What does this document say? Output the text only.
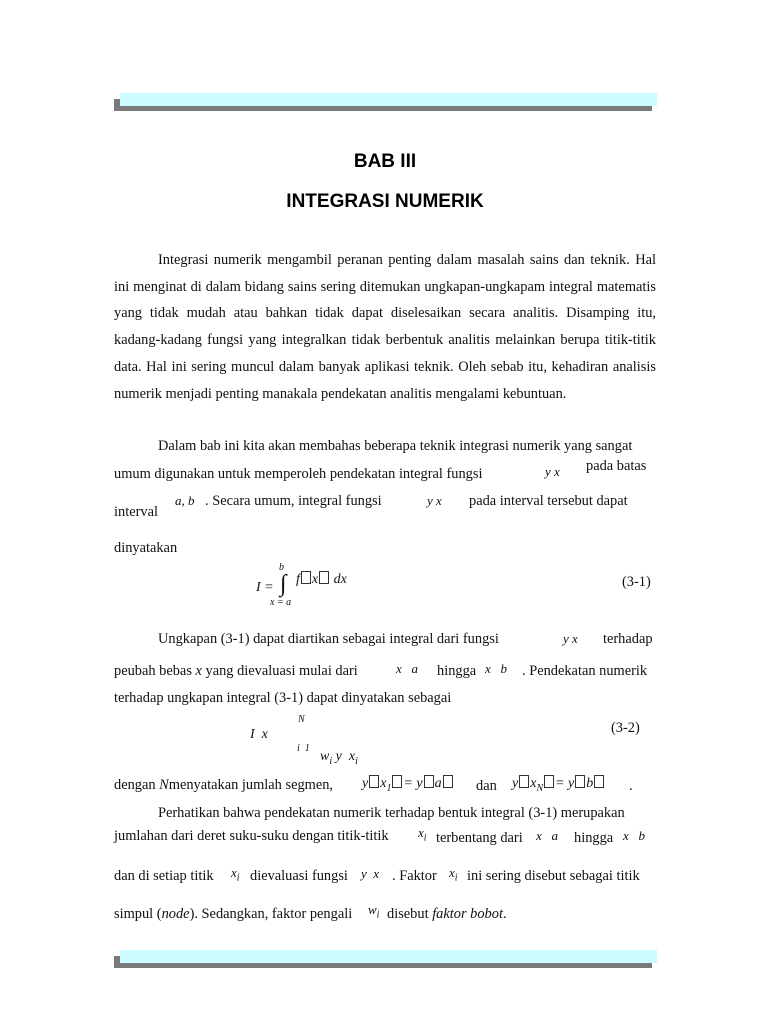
BAB III
INTEGRASI NUMERIK

Integrasi numerik mengambil peranan penting dalam masalah sains dan teknik. Hal ini menginat di dalam bidang sains sering ditemukan ungkapan-ungkapam integral matematis yang tidak mudah atau bahkan tidak dapat diselesaikan secara analitis. Disamping itu, kadang-kadang fungsi yang integralkan tidak berbentuk analitis melainkan berupa titik-titik data. Hal ini sering muncul dalam banyak aplikasi teknik. Oleh sebab itu, kehadiran analisis numerik menjadi penting manakala pendekatan analitis mengalami kebuntuan.

Dalam bab ini kita akan membahas beberapa teknik integrasi numerik yang sangat
umum digunakan untuk memperoleh pendekatan integral fungsi	y x pada batas
a, b . Secara umum, integral fungsi	y x pada interval tersebut dapat
interval
dinyatakan
I = ∫
b
x = a
f x dx	(3-1)
Ungkapan (3-1) dapat diartikan sebagai integral dari fungsi	y x terhadap
peubah bebas x yang dievaluasi mulai dari	x   a hingga x   b . Pendekatan numerik
terhadap ungkapan integral (3-1) dapat dinyatakan sebagai
I  x
N
i  1

$w_i$ y  $x_i$

(3-2)
dengan Nmenyatakan jumlah segmen, y $x_1 = y$ a	dan y $x_N = y$ b	.
Perhatikan bahwa pendekatan numerik terhadap bentuk integral (3-1) merupakan
jumlahan dari deret suku-suku dengan titik-titik $x_i$ terbentang dari x   a hingga x   b
dan di setiap titik $x_i$ dievaluasi fungsi y  x . Faktor $x_i$ ini sering disebut sebagai titik
simpul (node). Sedangkan, faktor pengali $w_i$ disebut faktor bobot.
